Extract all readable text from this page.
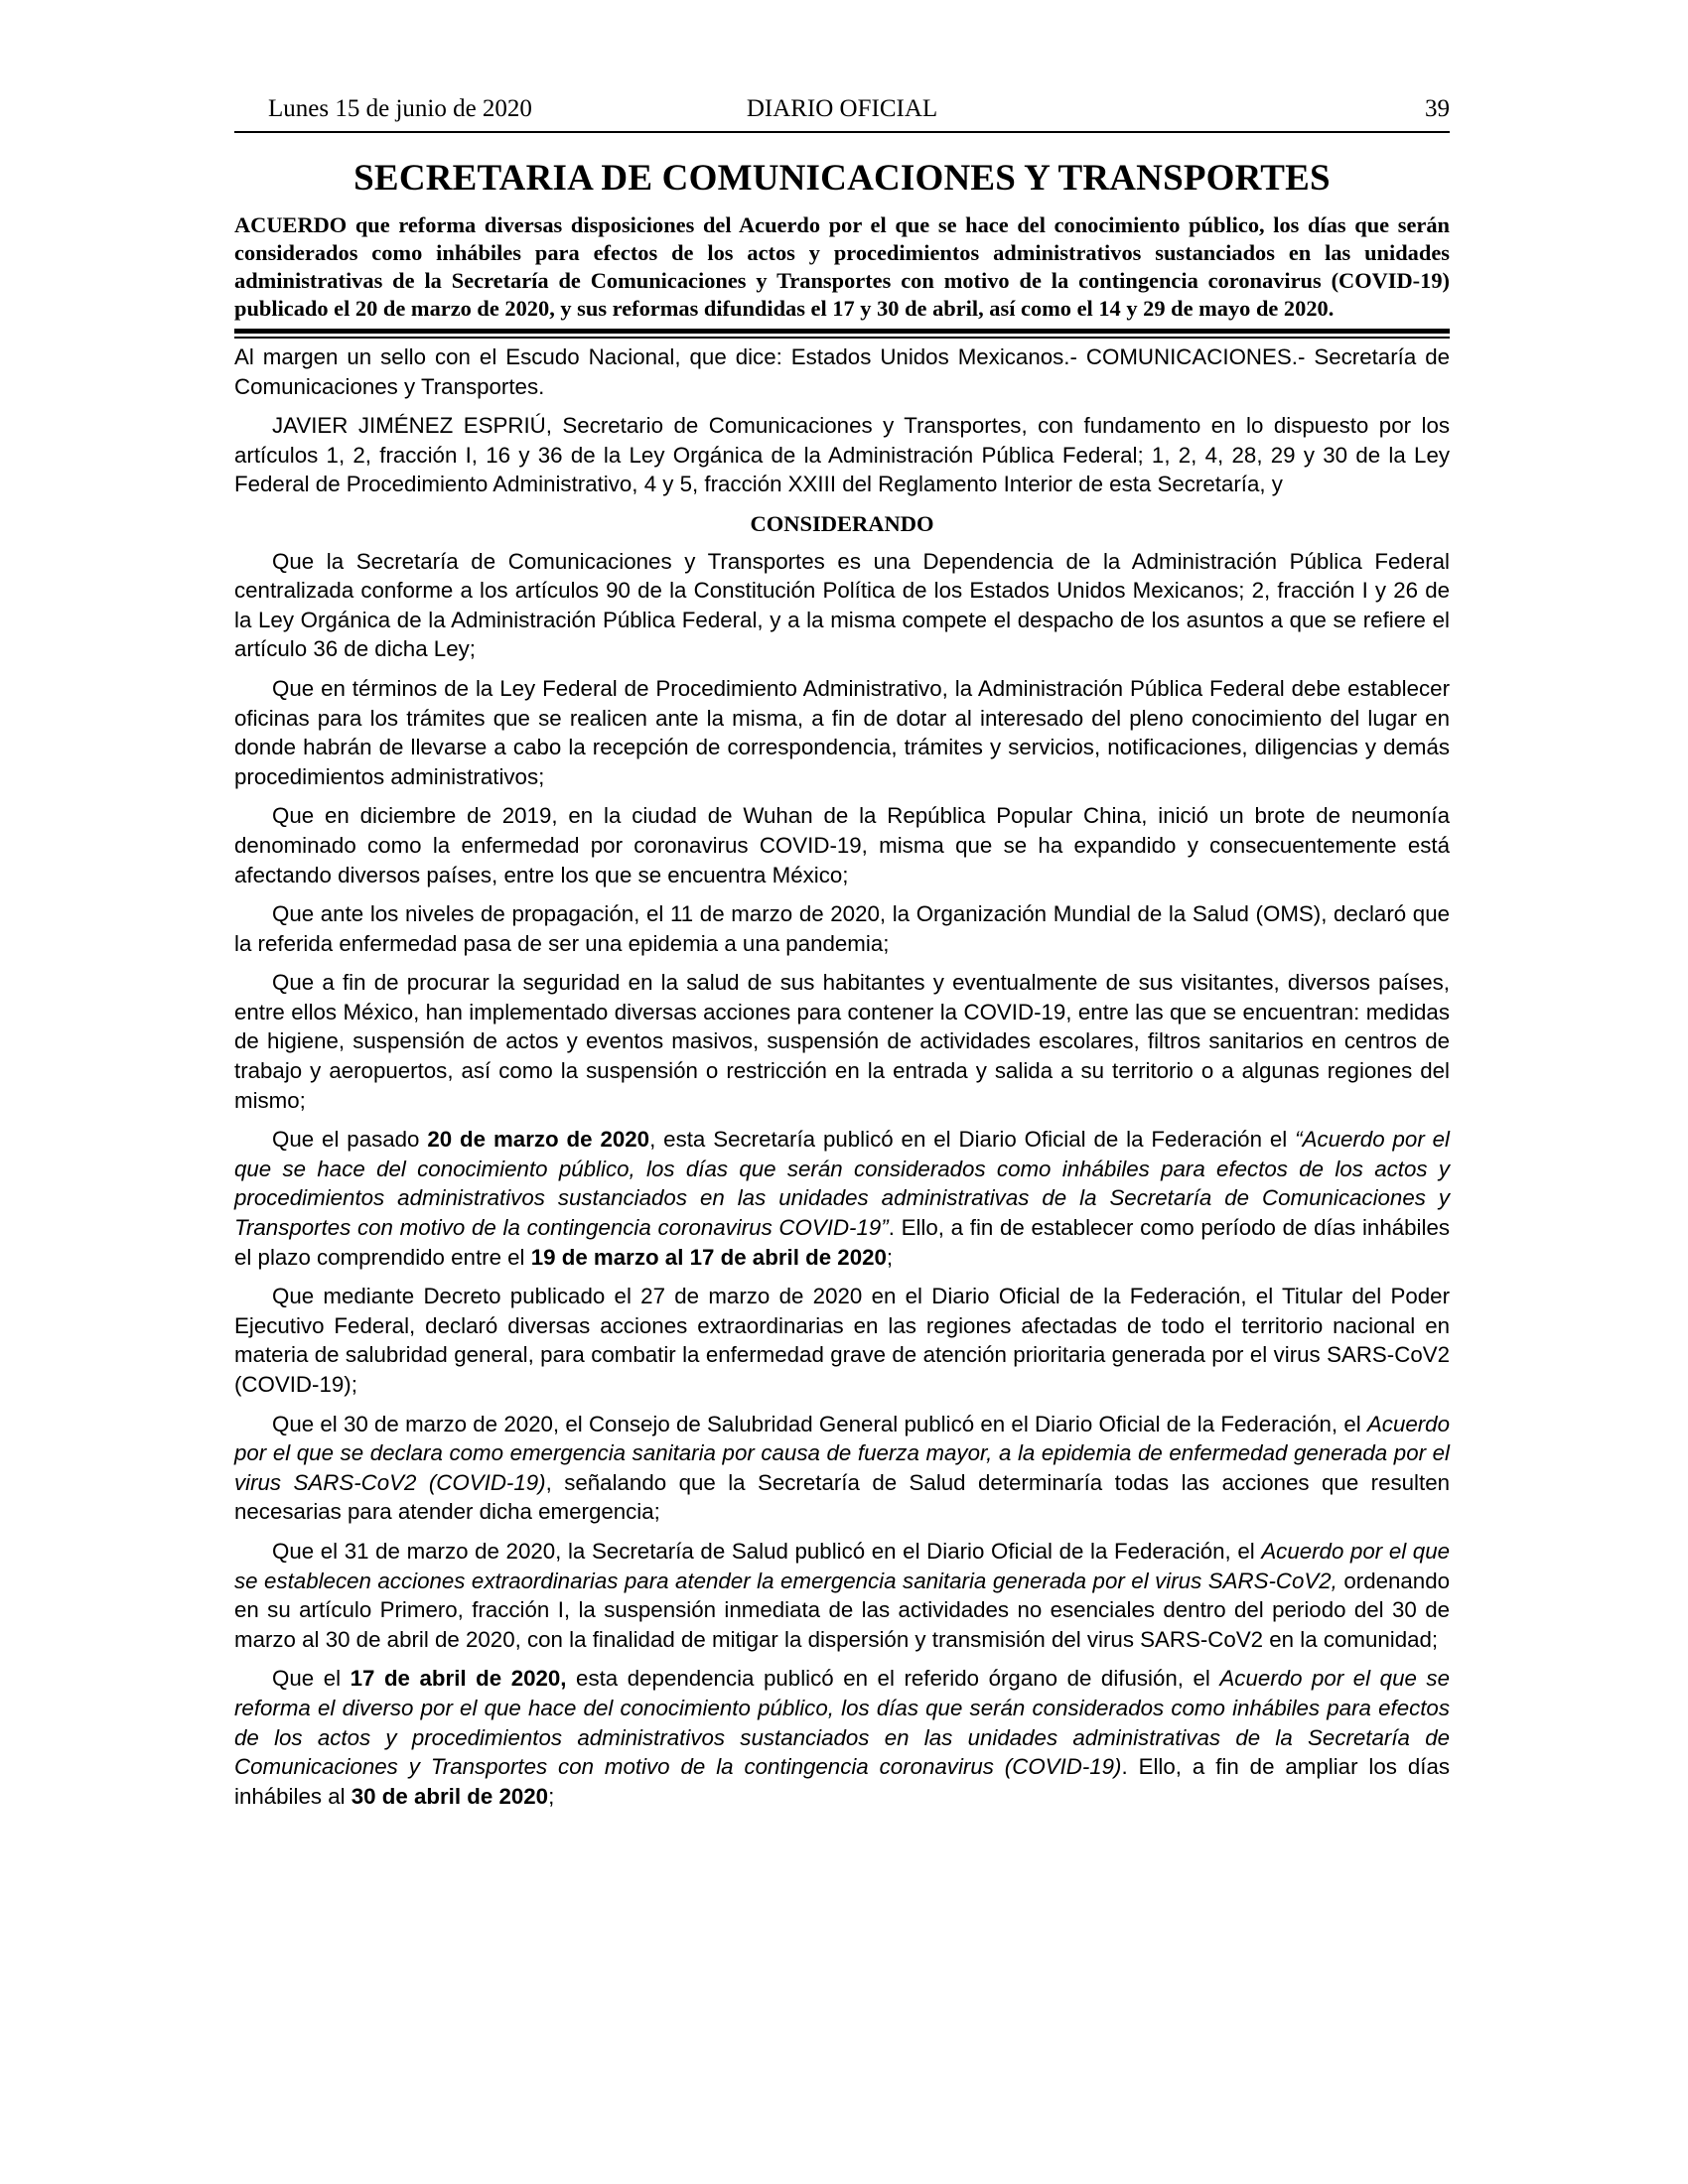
Lunes 15 de junio de 2020	DIARIO OFICIAL	39
SECRETARIA DE COMUNICACIONES Y TRANSPORTES
ACUERDO que reforma diversas disposiciones del Acuerdo por el que se hace del conocimiento público, los días que serán considerados como inhábiles para efectos de los actos y procedimientos administrativos sustanciados en las unidades administrativas de la Secretaría de Comunicaciones y Transportes con motivo de la contingencia coronavirus (COVID-19) publicado el 20 de marzo de 2020, y sus reformas difundidas el 17 y 30 de abril, así como el 14 y 29 de mayo de 2020.

Al margen un sello con el Escudo Nacional, que dice: Estados Unidos Mexicanos.- COMUNICACIONES.- Secretaría de Comunicaciones y Transportes.

JAVIER JIMÉNEZ ESPRIÚ, Secretario de Comunicaciones y Transportes, con fundamento en lo dispuesto por los artículos 1, 2, fracción I, 16 y 36 de la Ley Orgánica de la Administración Pública Federal; 1, 2, 4, 28, 29 y 30 de la Ley Federal de Procedimiento Administrativo, 4 y 5, fracción XXIII del Reglamento Interior de esta Secretaría, y

CONSIDERANDO

Que la Secretaría de Comunicaciones y Transportes es una Dependencia de la Administración Pública Federal centralizada conforme a los artículos 90 de la Constitución Política de los Estados Unidos Mexicanos; 2, fracción I y 26 de la Ley Orgánica de la Administración Pública Federal, y a la misma compete el despacho de los asuntos a que se refiere el artículo 36 de dicha Ley;

Que en términos de la Ley Federal de Procedimiento Administrativo, la Administración Pública Federal debe establecer oficinas para los trámites que se realicen ante la misma, a fin de dotar al interesado del pleno conocimiento del lugar en donde habrán de llevarse a cabo la recepción de correspondencia, trámites y servicios, notificaciones, diligencias y demás procedimientos administrativos;

Que en diciembre de 2019, en la ciudad de Wuhan de la República Popular China, inició un brote de neumonía denominado como la enfermedad por coronavirus COVID-19, misma que se ha expandido y consecuentemente está afectando diversos países, entre los que se encuentra México;

Que ante los niveles de propagación, el 11 de marzo de 2020, la Organización Mundial de la Salud (OMS), declaró que la referida enfermedad pasa de ser una epidemia a una pandemia;

Que a fin de procurar la seguridad en la salud de sus habitantes y eventualmente de sus visitantes, diversos países, entre ellos México, han implementado diversas acciones para contener la COVID-19, entre las que se encuentran: medidas de higiene, suspensión de actos y eventos masivos, suspensión de actividades escolares, filtros sanitarios en centros de trabajo y aeropuertos, así como la suspensión o restricción en la entrada y salida a su territorio o a algunas regiones del mismo;

Que el pasado 20 de marzo de 2020, esta Secretaría publicó en el Diario Oficial de la Federación el “Acuerdo por el que se hace del conocimiento público, los días que serán considerados como inhábiles para efectos de los actos y procedimientos administrativos sustanciados en las unidades administrativas de la Secretaría de Comunicaciones y Transportes con motivo de la contingencia coronavirus COVID-19”. Ello, a fin de establecer como período de días inhábiles el plazo comprendido entre el 19 de marzo al 17 de abril de 2020;

Que mediante Decreto publicado el 27 de marzo de 2020 en el Diario Oficial de la Federación, el Titular del Poder Ejecutivo Federal, declaró diversas acciones extraordinarias en las regiones afectadas de todo el territorio nacional en materia de salubridad general, para combatir la enfermedad grave de atención prioritaria generada por el virus SARS-CoV2 (COVID-19);

Que el 30 de marzo de 2020, el Consejo de Salubridad General publicó en el Diario Oficial de la Federación, el Acuerdo por el que se declara como emergencia sanitaria por causa de fuerza mayor, a la epidemia de enfermedad generada por el virus SARS-CoV2 (COVID-19), señalando que la Secretaría de Salud determinaría todas las acciones que resulten necesarias para atender dicha emergencia;

Que el 31 de marzo de 2020, la Secretaría de Salud publicó en el Diario Oficial de la Federación, el Acuerdo por el que se establecen acciones extraordinarias para atender la emergencia sanitaria generada por el virus SARS-CoV2, ordenando en su artículo Primero, fracción I, la suspensión inmediata de las actividades no esenciales dentro del periodo del 30 de marzo al 30 de abril de 2020, con la finalidad de mitigar la dispersión y transmisión del virus SARS-CoV2 en la comunidad;

Que el 17 de abril de 2020, esta dependencia publicó en el referido órgano de difusión, el Acuerdo por el que se reforma el diverso por el que hace del conocimiento público, los días que serán considerados como inhábiles para efectos de los actos y procedimientos administrativos sustanciados en las unidades administrativas de la Secretaría de Comunicaciones y Transportes con motivo de la contingencia coronavirus (COVID-19). Ello, a fin de ampliar los días inhábiles al 30 de abril de 2020;
